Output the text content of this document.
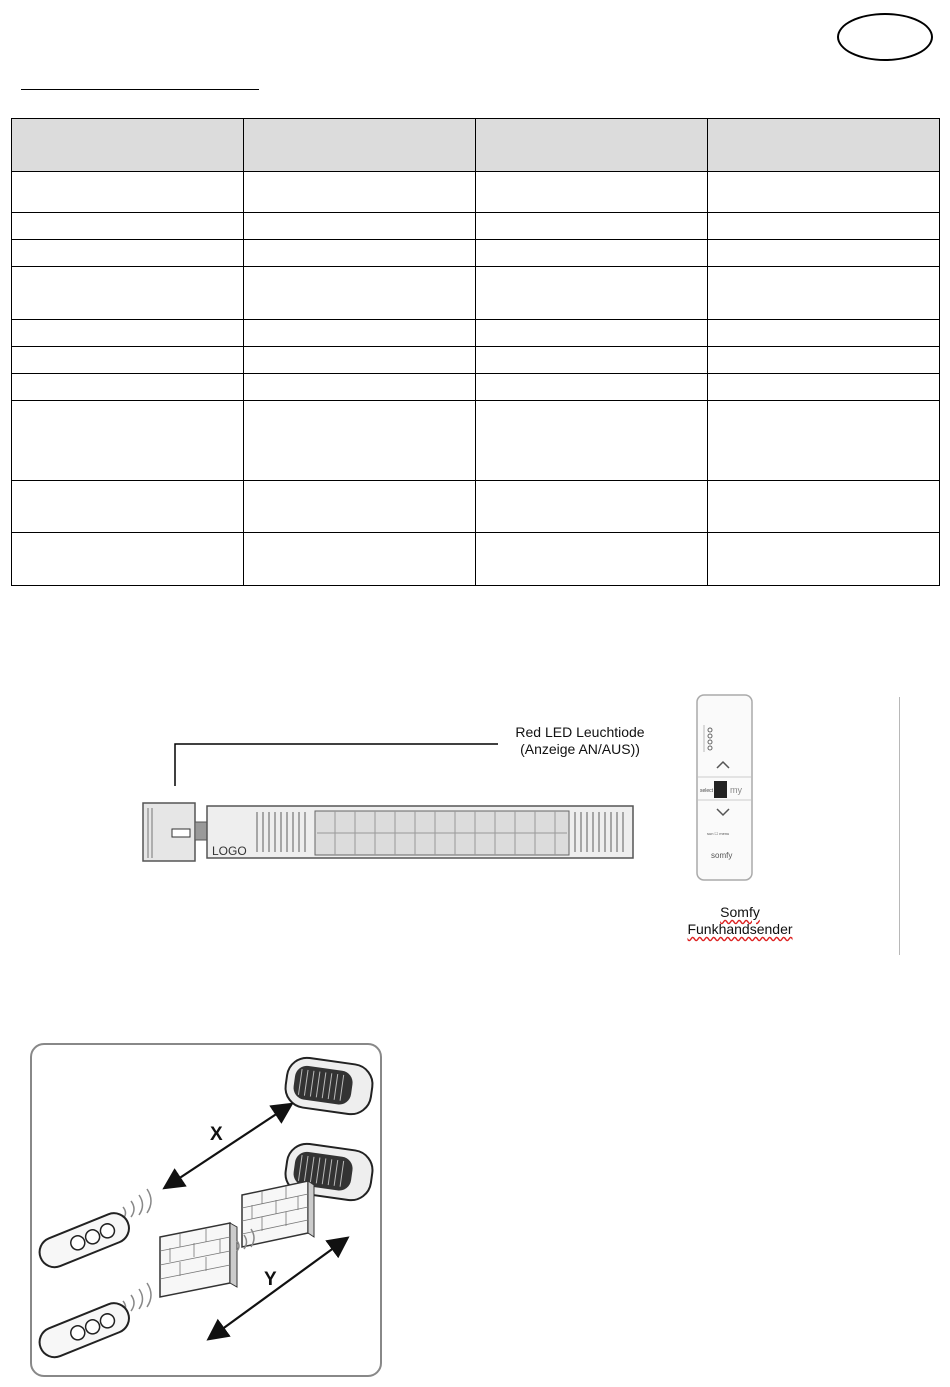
LOGO
Red LED Leuchtiode
(Anzeige AN/AUS))
select my
sun ☐ menu
somfy
Somfy
Funkhandsender
X
Y
